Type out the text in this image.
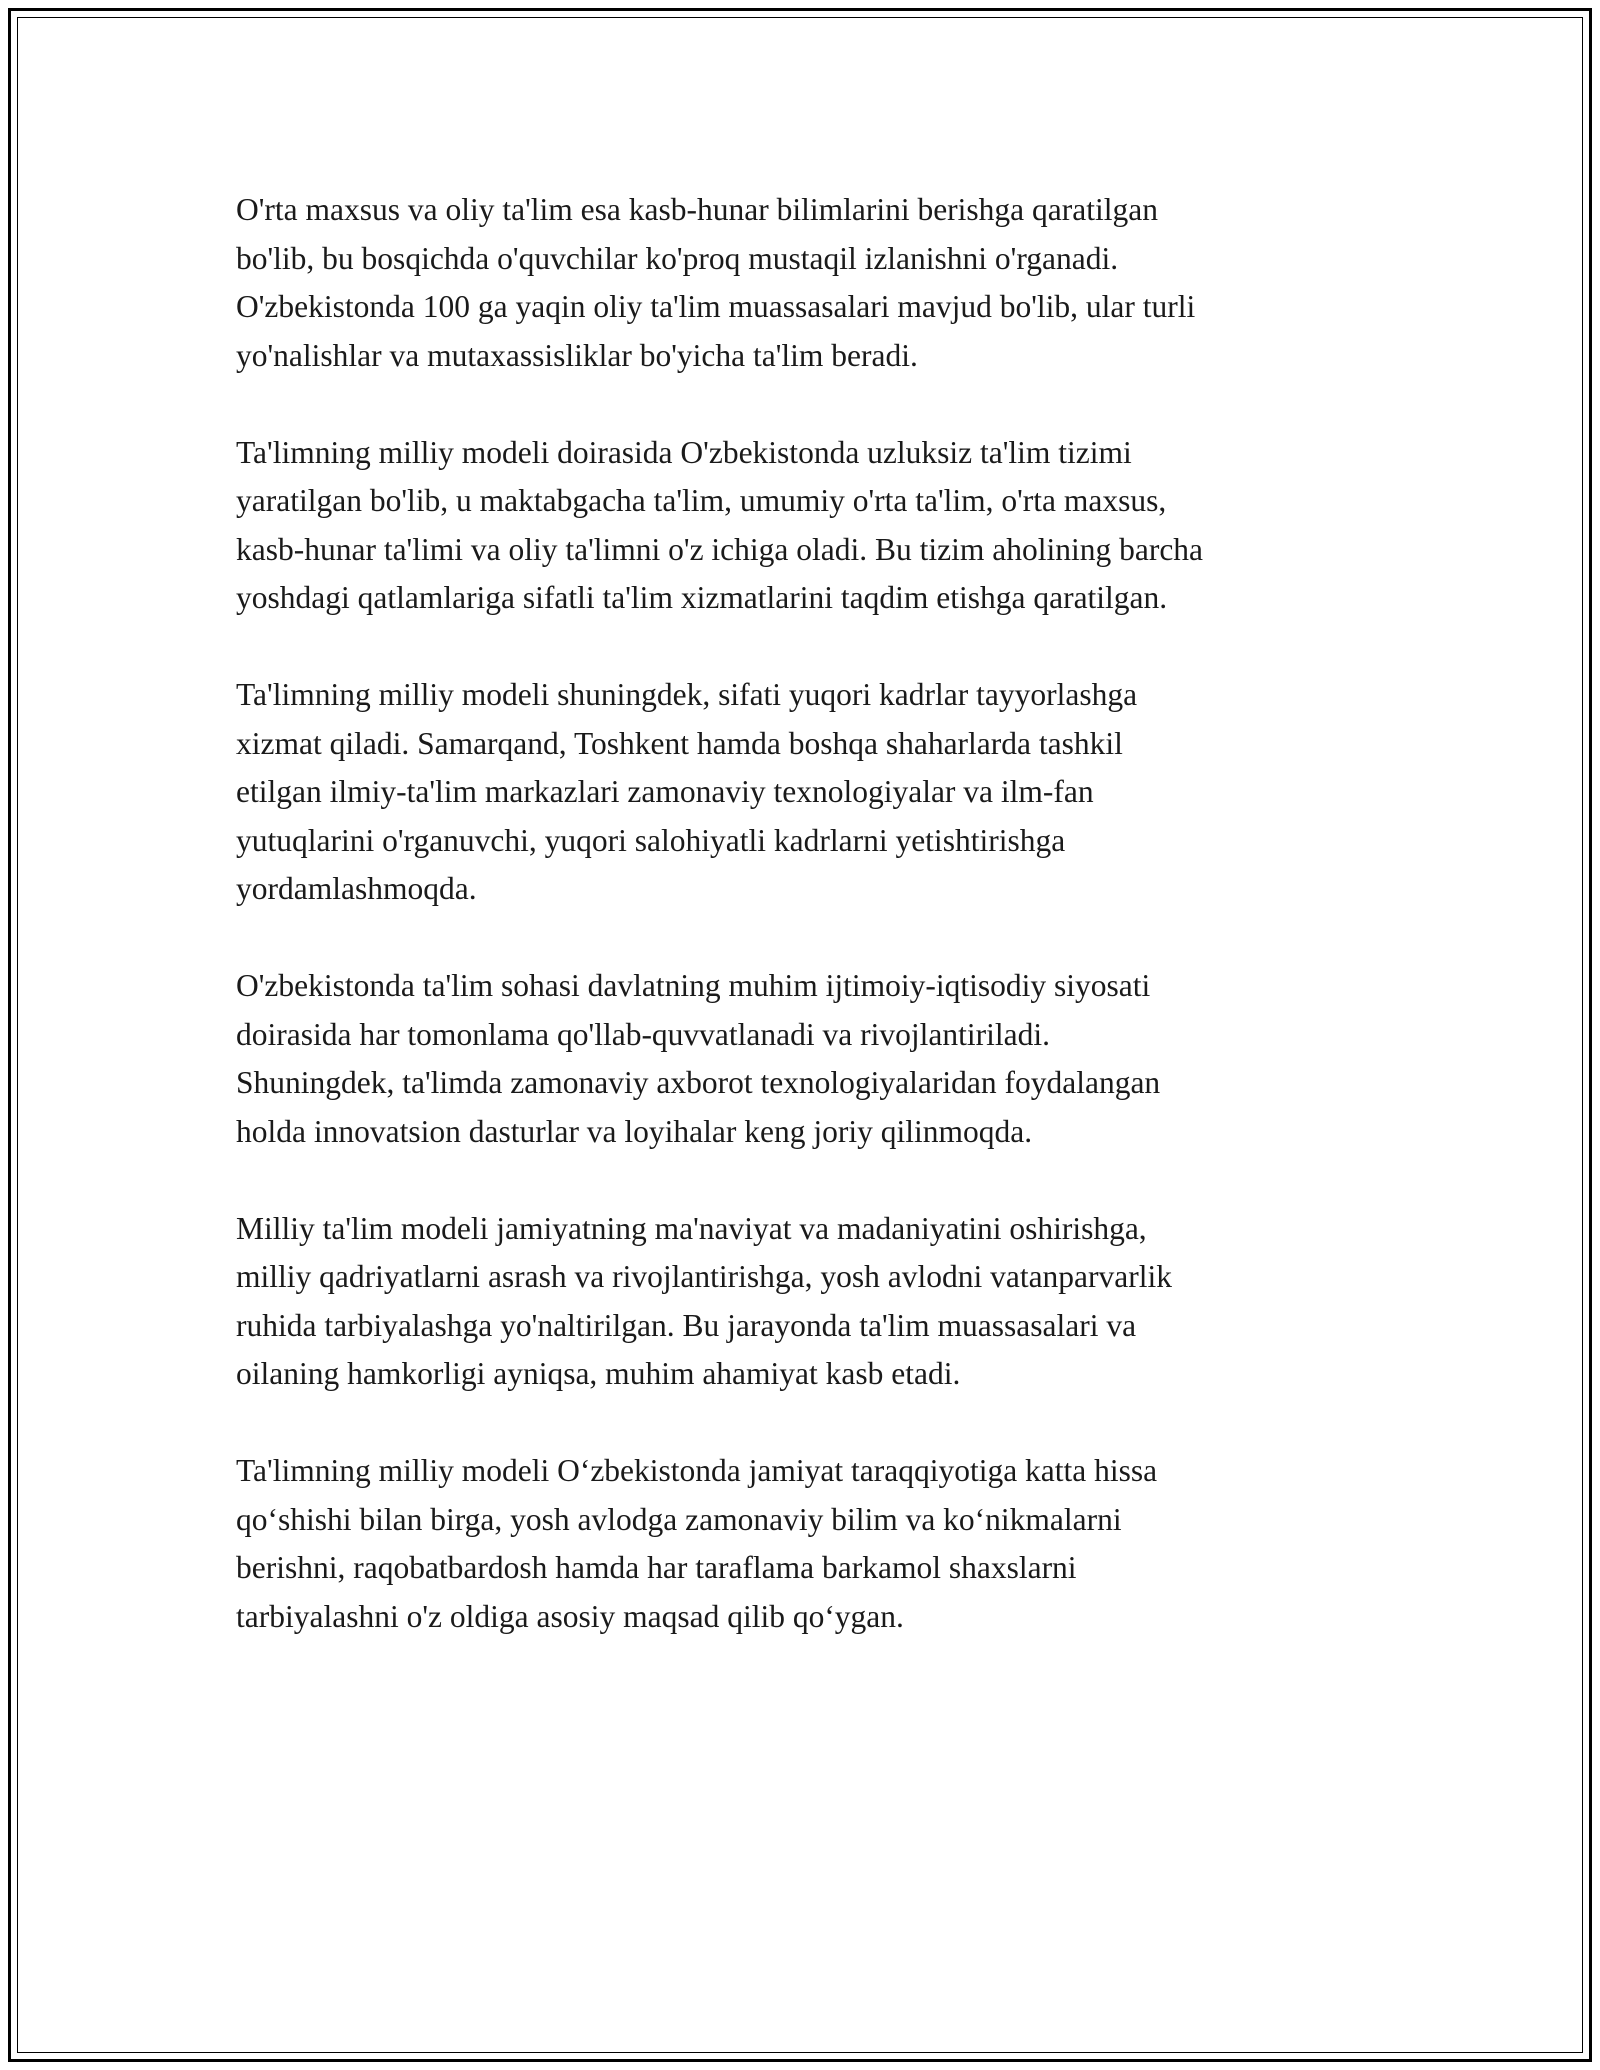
O'rta maxsus va oliy ta'lim esa kasb-hunar bilimlarini berishga qaratilgan
bo'lib, bu bosqichda o'quvchilar ko'proq mustaqil izlanishni o'rganadi.
O'zbekistonda 100 ga yaqin oliy ta'lim muassasalari mavjud bo'lib, ular turli
yo'nalishlar va mutaxassisliklar bo'yicha ta'lim beradi.

Ta'limning milliy modeli doirasida O'zbekistonda uzluksiz ta'lim tizimi
yaratilgan bo'lib, u maktabgacha ta'lim, umumiy o'rta ta'lim, o'rta maxsus,
kasb-hunar ta'limi va oliy ta'limni o'z ichiga oladi. Bu tizim aholining barcha
yoshdagi qatlamlariga sifatli ta'lim xizmatlarini taqdim etishga qaratilgan.

Ta'limning milliy modeli shuningdek, sifati yuqori kadrlar tayyorlashga
xizmat qiladi. Samarqand, Toshkent hamda boshqa shaharlarda tashkil
etilgan ilmiy-ta'lim markazlari zamonaviy texnologiyalar va ilm-fan
yutuqlarini o'rganuvchi, yuqori salohiyatli kadrlarni yetishtirishga
yordamlashmoqda.

O'zbekistonda ta'lim sohasi davlatning muhim ijtimoiy-iqtisodiy siyosati
doirasida har tomonlama qo'llab-quvvatlanadi va rivojlantiriladi.
Shuningdek, ta'limda zamonaviy axborot texnologiyalaridan foydalangan
holda innovatsion dasturlar va loyihalar keng joriy qilinmoqda.

Milliy ta'lim modeli jamiyatning ma'naviyat va madaniyatini oshirishga,
milliy qadriyatlarni asrash va rivojlantirishga, yosh avlodni vatanparvarlik
ruhida tarbiyalashga yo'naltirilgan. Bu jarayonda ta'lim muassasalari va
oilaning hamkorligi ayniqsa, muhim ahamiyat kasb etadi.

Ta'limning milliy modeli O‘zbekistonda jamiyat taraqqiyotiga katta hissa
qo‘shishi bilan birga, yosh avlodga zamonaviy bilim va ko‘nikmalarni
berishni, raqobatbardosh hamda har taraflama barkamol shaxslarni
tarbiyalashni o'z oldiga asosiy maqsad qilib qo‘ygan.
